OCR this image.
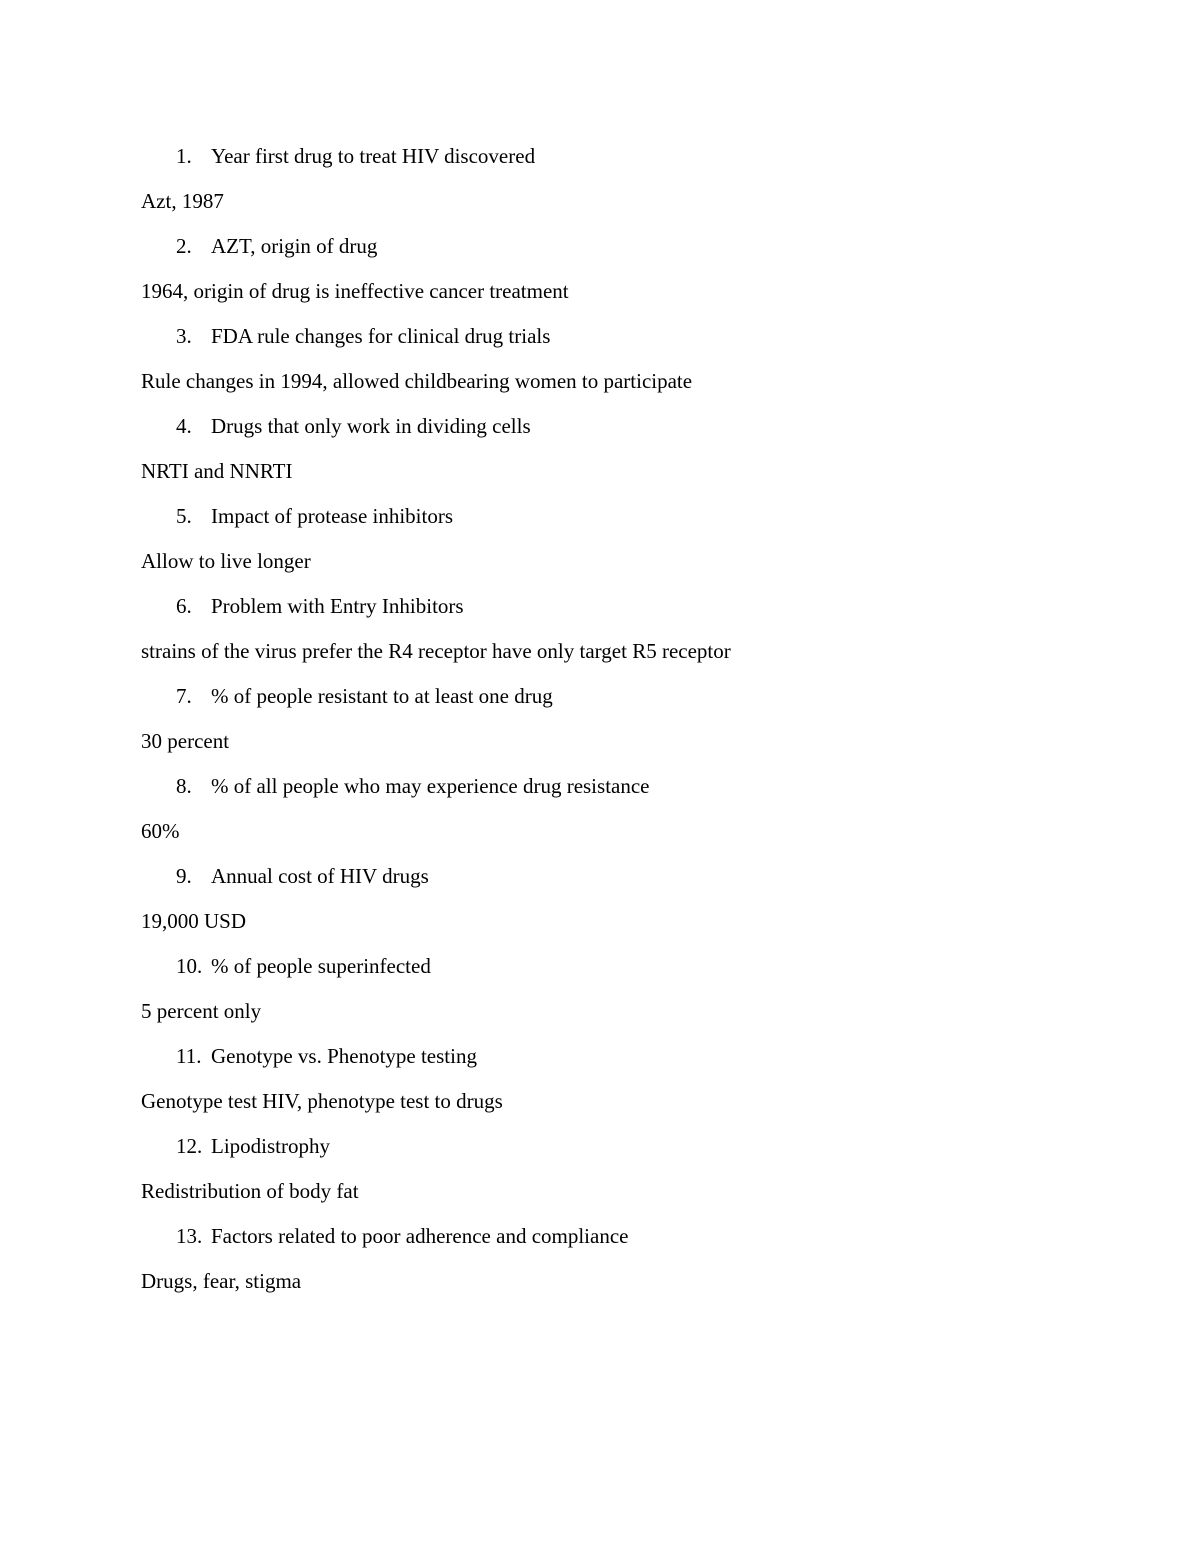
1. Year first drug to treat HIV discovered
Azt, 1987
2. AZT, origin of drug
1964, origin of drug is ineffective cancer treatment
3. FDA rule changes for clinical drug trials
Rule changes in 1994, allowed childbearing women to participate
4. Drugs that only work in dividing cells
NRTI and NNRTI
5. Impact of protease inhibitors
Allow to live longer
6. Problem with Entry Inhibitors
strains of the virus prefer the R4 receptor have only target R5 receptor
7. % of people resistant to at least one drug
30 percent
8. % of all people who may experience drug resistance
60%
9. Annual cost of HIV drugs
19,000 USD
10. % of people superinfected
5 percent only
11. Genotype vs. Phenotype testing
Genotype test HIV, phenotype test to drugs
12. Lipodistrophy
Redistribution of body fat
13. Factors related to poor adherence and compliance
Drugs, fear, stigma
